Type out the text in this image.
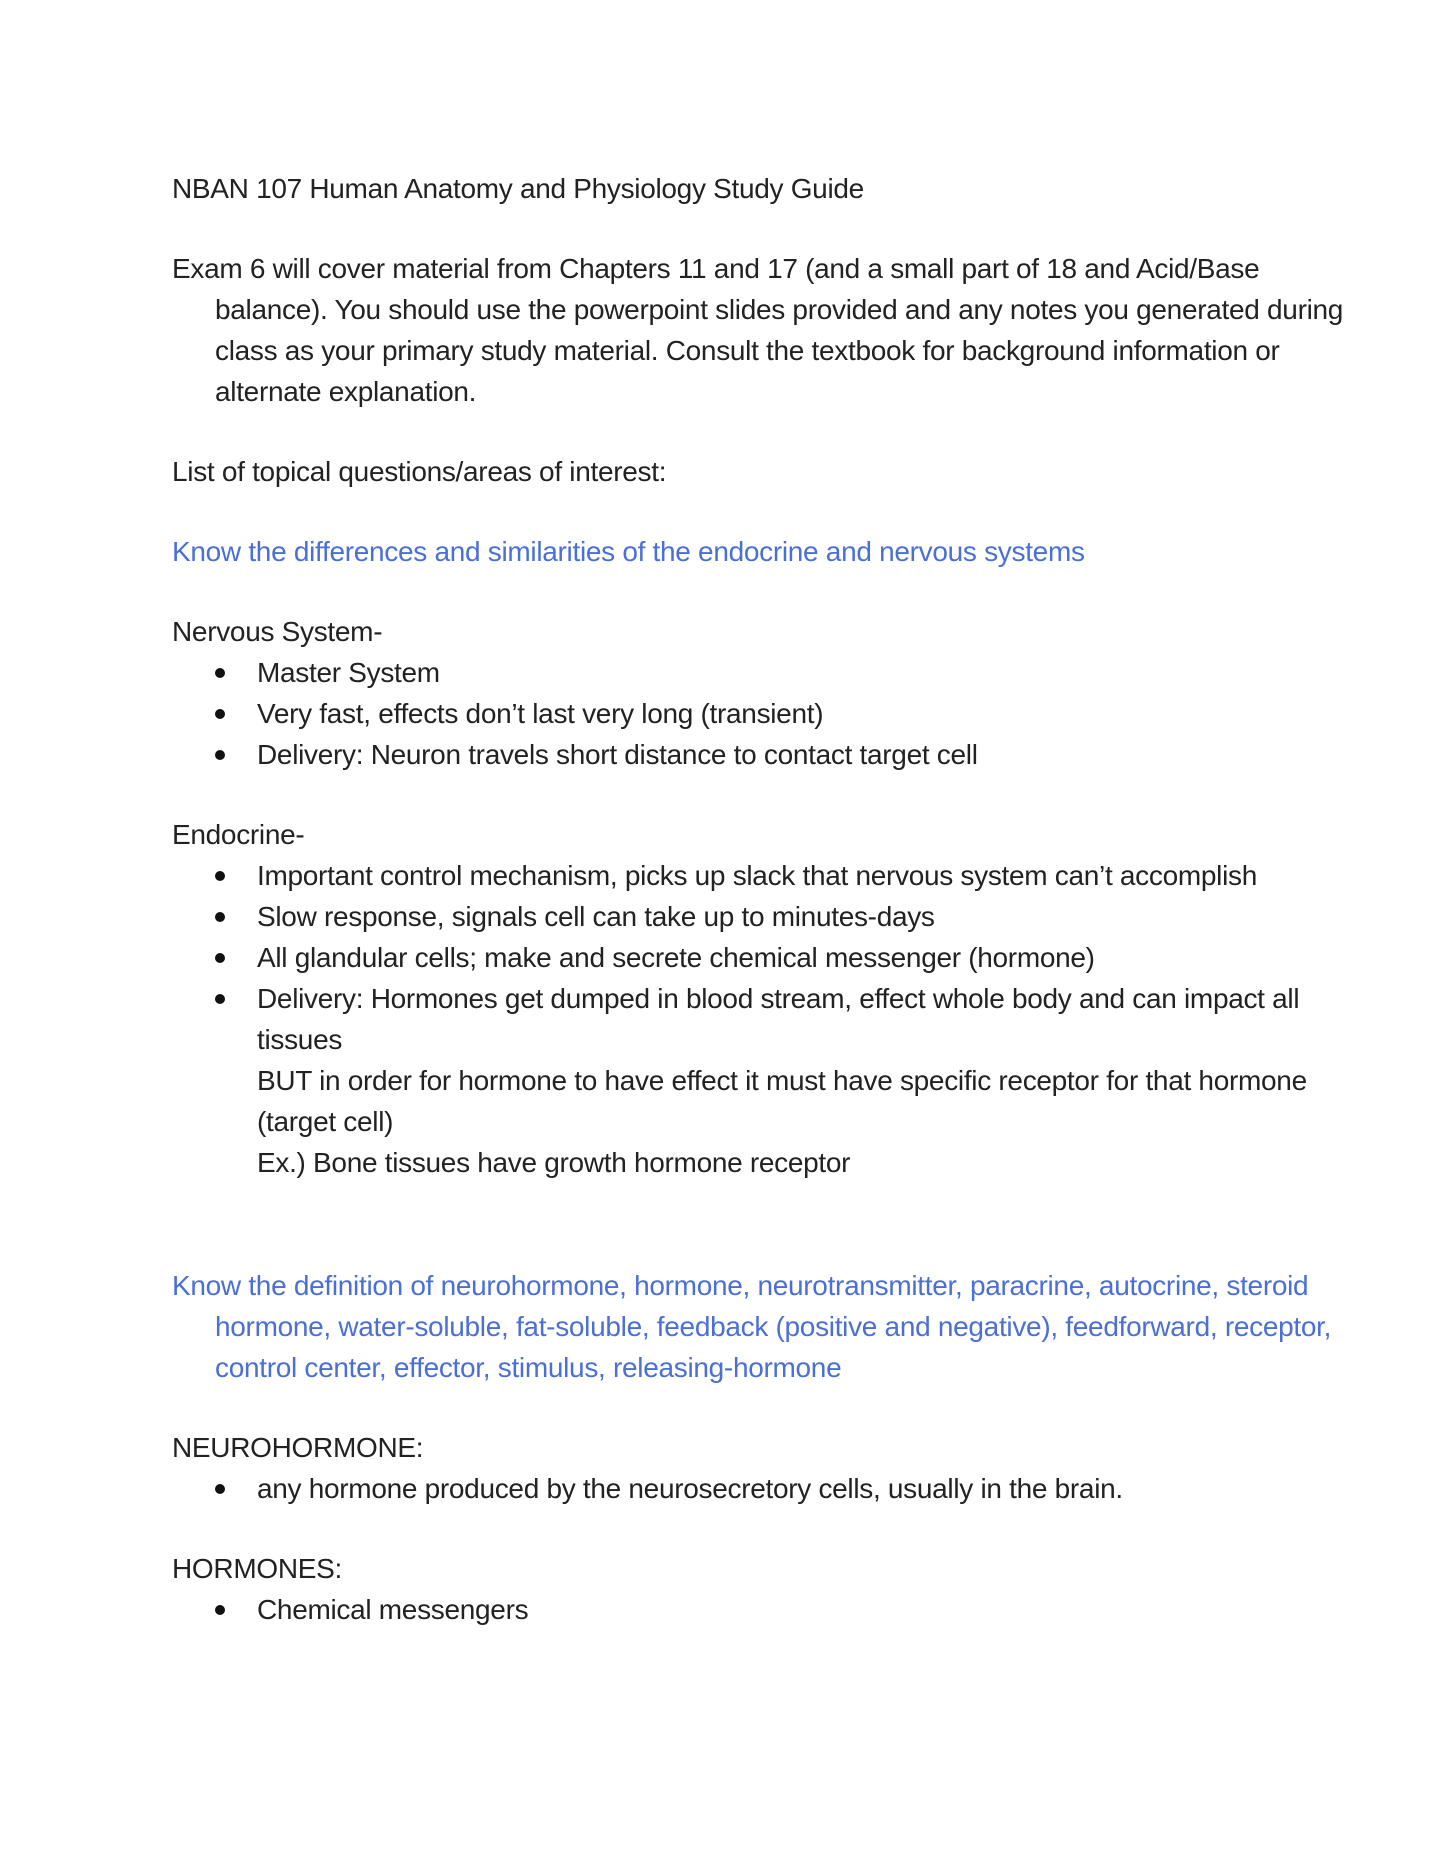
NBAN 107 Human Anatomy and Physiology Study Guide

Exam 6 will cover material from Chapters 11 and 17 (and a small part of 18 and Acid/Base balance). You should use the powerpoint slides provided and any notes you generated during class as your primary study material. Consult the textbook for background information or alternate explanation.

List of topical questions/areas of interest:

Know the differences and similarities of the endocrine and nervous systems

Nervous System-

Master System
Very fast, effects don’t last very long (transient)
Delivery: Neuron travels short distance to contact target cell

Endocrine-

Important control mechanism, picks up slack that nervous system can’t accomplish
Slow response, signals cell can take up to minutes-days
All glandular cells; make and secrete chemical messenger (hormone)
Delivery: Hormones get dumped in blood stream, effect whole body and can impact all tissues
BUT in order for hormone to have effect it must have specific receptor for that hormone (target cell)
Ex.) Bone tissues have growth hormone receptor

Know the definition of neurohormone, hormone, neurotransmitter, paracrine, autocrine, steroid hormone, water-soluble, fat-soluble, feedback (positive and negative), feedforward, receptor, control center, effector, stimulus, releasing-hormone

NEUROHORMONE:

any hormone produced by the neurosecretory cells, usually in the brain.

HORMONES:

Chemical messengers
